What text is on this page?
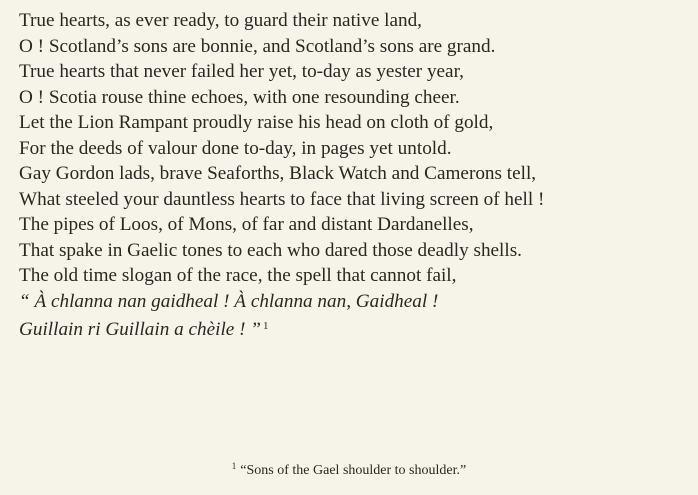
True hearts, as ever ready, to guard their native land,
O ! Scotland’s sons are bonnie, and Scotland’s sons are grand.
True hearts that never failed her yet, to-day as yester year,
O ! Scotia rouse thine echoes, with one resounding cheer.
Let the Lion Rampant proudly raise his head on cloth of gold,
For the deeds of valour done to-day, in pages yet untold.
Gay Gordon lads, brave Seaforths, Black Watch and Camerons tell,
What steeled your dauntless hearts to face that living screen of hell !
The pipes of Loos, of Mons, of far and distant Dardanelles,
That spake in Gaelic tones to each who dared those deadly shells.
The old time slogan of the race, the spell that cannot fail,
“ À chlanna nan gaidheal ! À chlanna nan, Gaidheal !
Guillain ri Guillain a chèile ! ” $^1$
$^1$ “Sons of the Gael shoulder to shoulder.”
